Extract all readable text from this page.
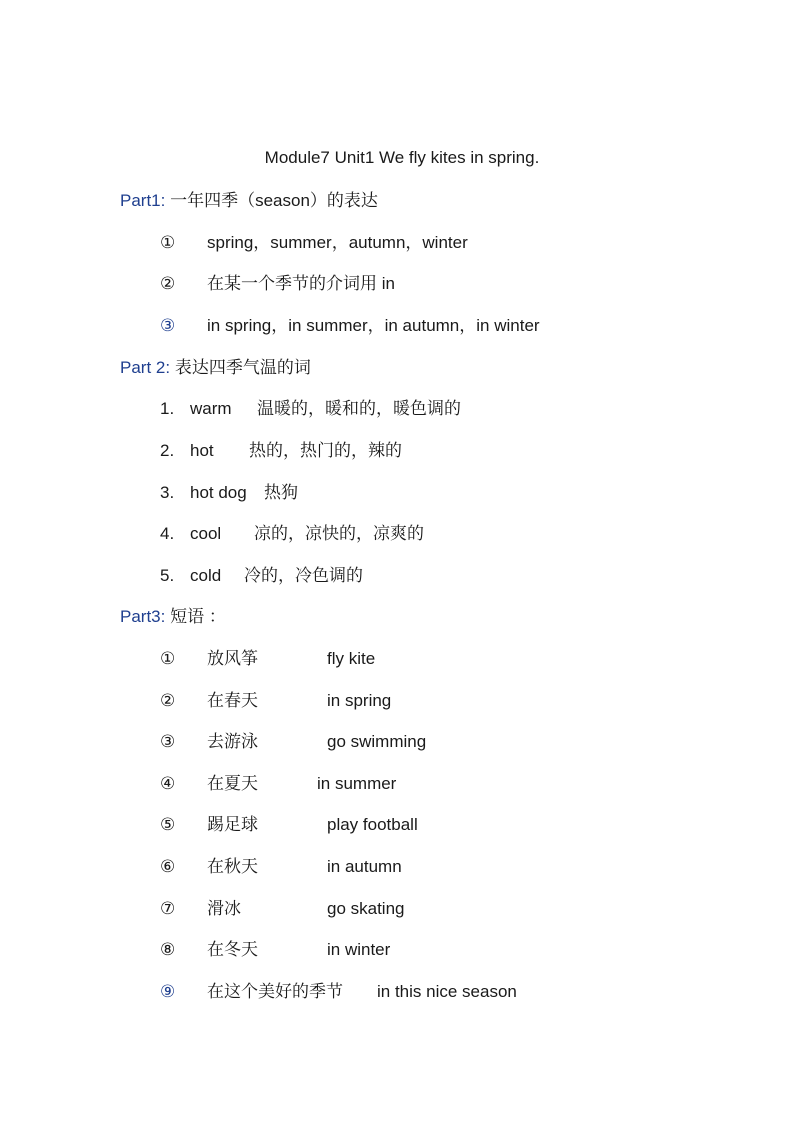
Module7 Unit1 We fly kites in spring.
Part1: 一年四季（season）的表达
①	spring，summer，autumn，winter
②	在某一个季节的介词用 in
③	in spring，in summer，in autumn，in winter
Part 2: 表达四季气温的词
1. warm 温暖的，暖和的，暖色调的
2. hot 热的，热门的，辣的
3. hot dog 热狗
4. cool 凉的，凉快的，凉爽的
5. cold 冷的，冷色调的
Part3: 短语 ：
①	放风筝	fly kite
②	在春天	in spring
③	去游泳	go swimming
④	在夏天	in summer
⑤	踢足球	play football
⑥	在秋天	in autumn
⑦	滑冰	go skating
⑧	在冬天	in winter
⑨	在这个美好的季节 in this nice season
